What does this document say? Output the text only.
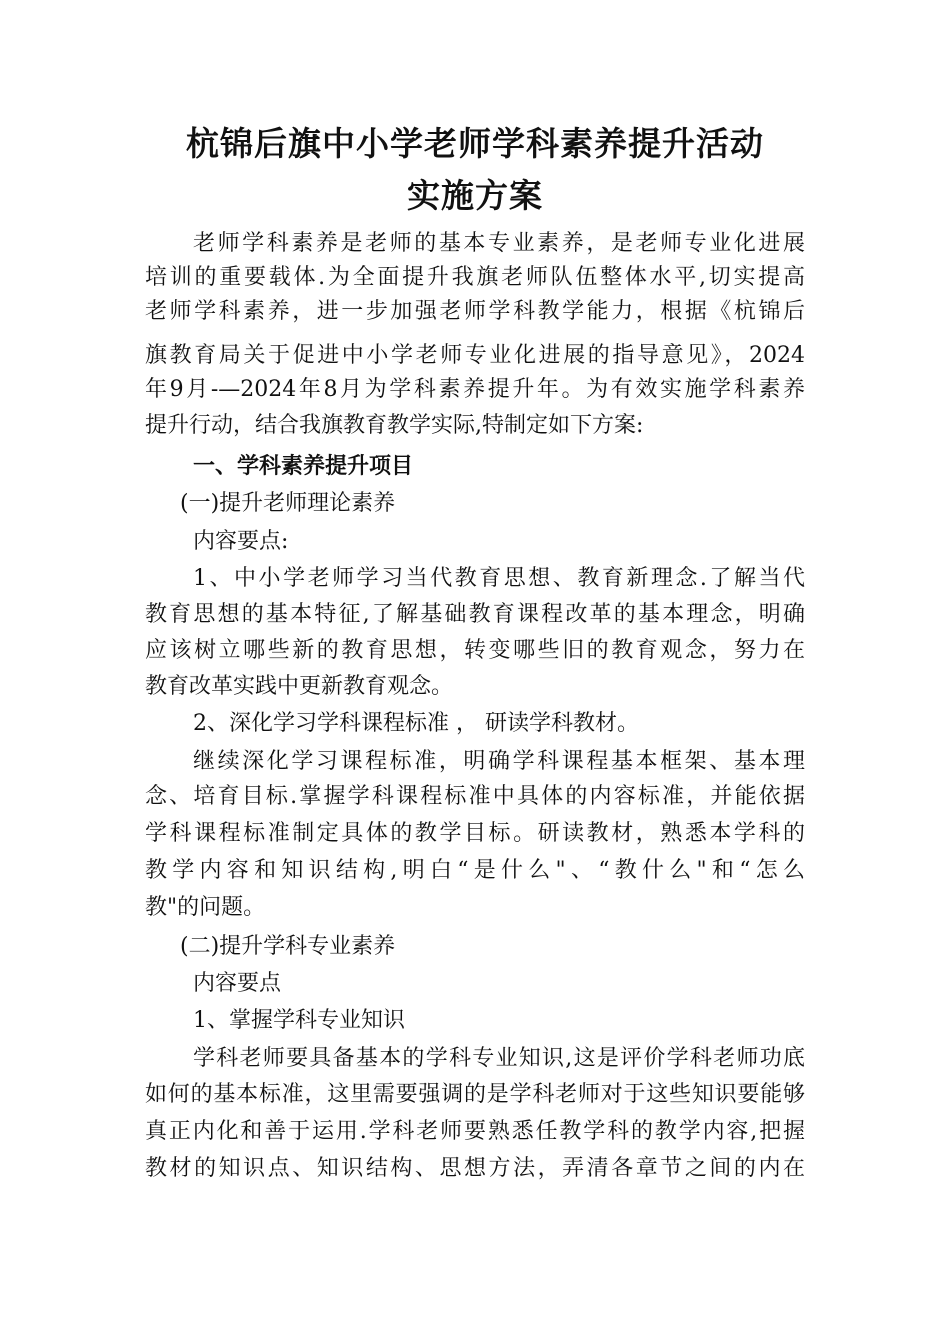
杭锦后旗中小学老师学科素养提升活动
实施方案

老师学科素养是老师的基本专业素养，是老师专业化进展

培训的重要载体.为全面提升我旗老师队伍整体水平,切实提高

老师学科素养，进一步加强老师学科教学能力，根据《杭锦后

旗教育局关于促进中小学老师专业化进展的指导意见》，2024

年9月-—2024年8月为学科素养提升年。为有效实施学科素养

提升行动，结合我旗教育教学实际,特制定如下方案:

一、学科素养提升项目

(一)提升老师理论素养

内容要点:

1、中小学老师学习当代教育思想、教育新理念.了解当代

教育思想的基本特征,了解基础教育课程改革的基本理念，明确

应该树立哪些新的教育思想，转变哪些旧的教育观念，努力在

教育改革实践中更新教育观念。

2、深化学习学科课程标准 ， 研读学科教材。

继续深化学习课程标准，明确学科课程基本框架、基本理

念、培育目标.掌握学科课程标准中具体的内容标准，并能依据

学科课程标准制定具体的教学目标。研读教材，熟悉本学科的

教学内容和知识结构,明白“是什么"、“教什么"和“怎么

教"的问题。

(二)提升学科专业素养

内容要点

1、掌握学科专业知识

学科老师要具备基本的学科专业知识,这是评价学科老师功底

如何的基本标准，这里需要强调的是学科老师对于这些知识要能够

真正内化和善于运用.学科老师要熟悉任教学科的教学内容,把握

教材的知识点、知识结构、思想方法，弄清各章节之间的内在
